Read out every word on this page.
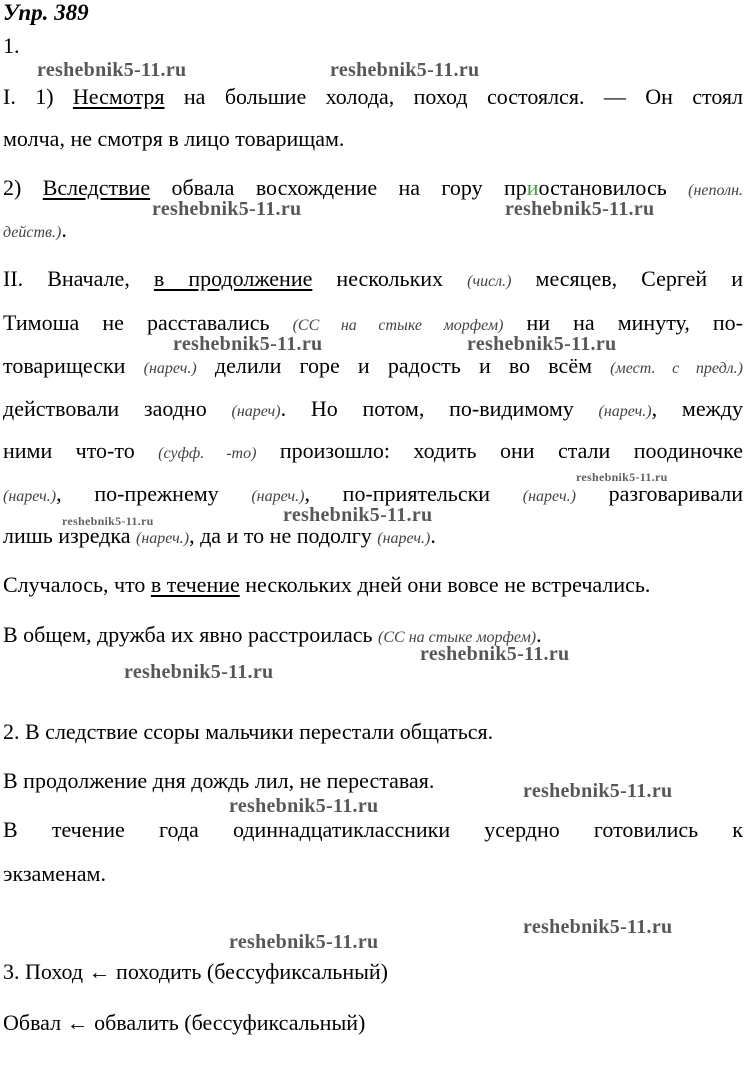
Упр. 389
1.
I. 1) Несмотря на большие холода, поход состоялся. — Он стоял
молча, не смотря в лицо товарищам.
2) Вследствие обвала восхождение на гору приостановилось (неполн.
действ.).
II. Вначале, в продолжение нескольких (числ.) месяцев, Сергей и
Тимоша не расставались (СС на стыке морфем) ни на минуту, по-
товарищески (нареч.) делили горе и радость и во всём (мест. с предл.)
действовали заодно (нареч). Но потом, по-видимому (нареч.), между
ними что-то (суфф. -то) произошло: ходить они стали поодиночке
(нареч.), по-прежнему (нареч.), по-приятельски (нареч.) разговаривали
лишь изредка (нареч.), да и то не подолгу (нареч.).
Случалось, что в течение нескольких дней они вовсе не встречались.
В общем, дружба их явно расстроилась (СС на стыке морфем).
2. В следствие ссоры мальчики перестали общаться.
В продолжение дня дождь лил, не переставая.
В течение года одиннадцатиклассники усердно готовились к
экзаменам.
3. Поход ← походить (бессуфиксальный)
Обвал ← обвалить (бессуфиксальный)
reshebnik5-11.ru	reshebnik5-11.ru
reshebnik5-11.ru	reshebnik5-11.ru
reshebnik5-11.ru	reshebnik5-11.ru
reshebnik5-11.ru
reshebnik5-11.ru	reshebnik5-11.ru
reshebnik5-11.ru
reshebnik5-11.ru
reshebnik5-11.ru
reshebnik5-11.ru
reshebnik5-11.ru
reshebnik5-11.ru
